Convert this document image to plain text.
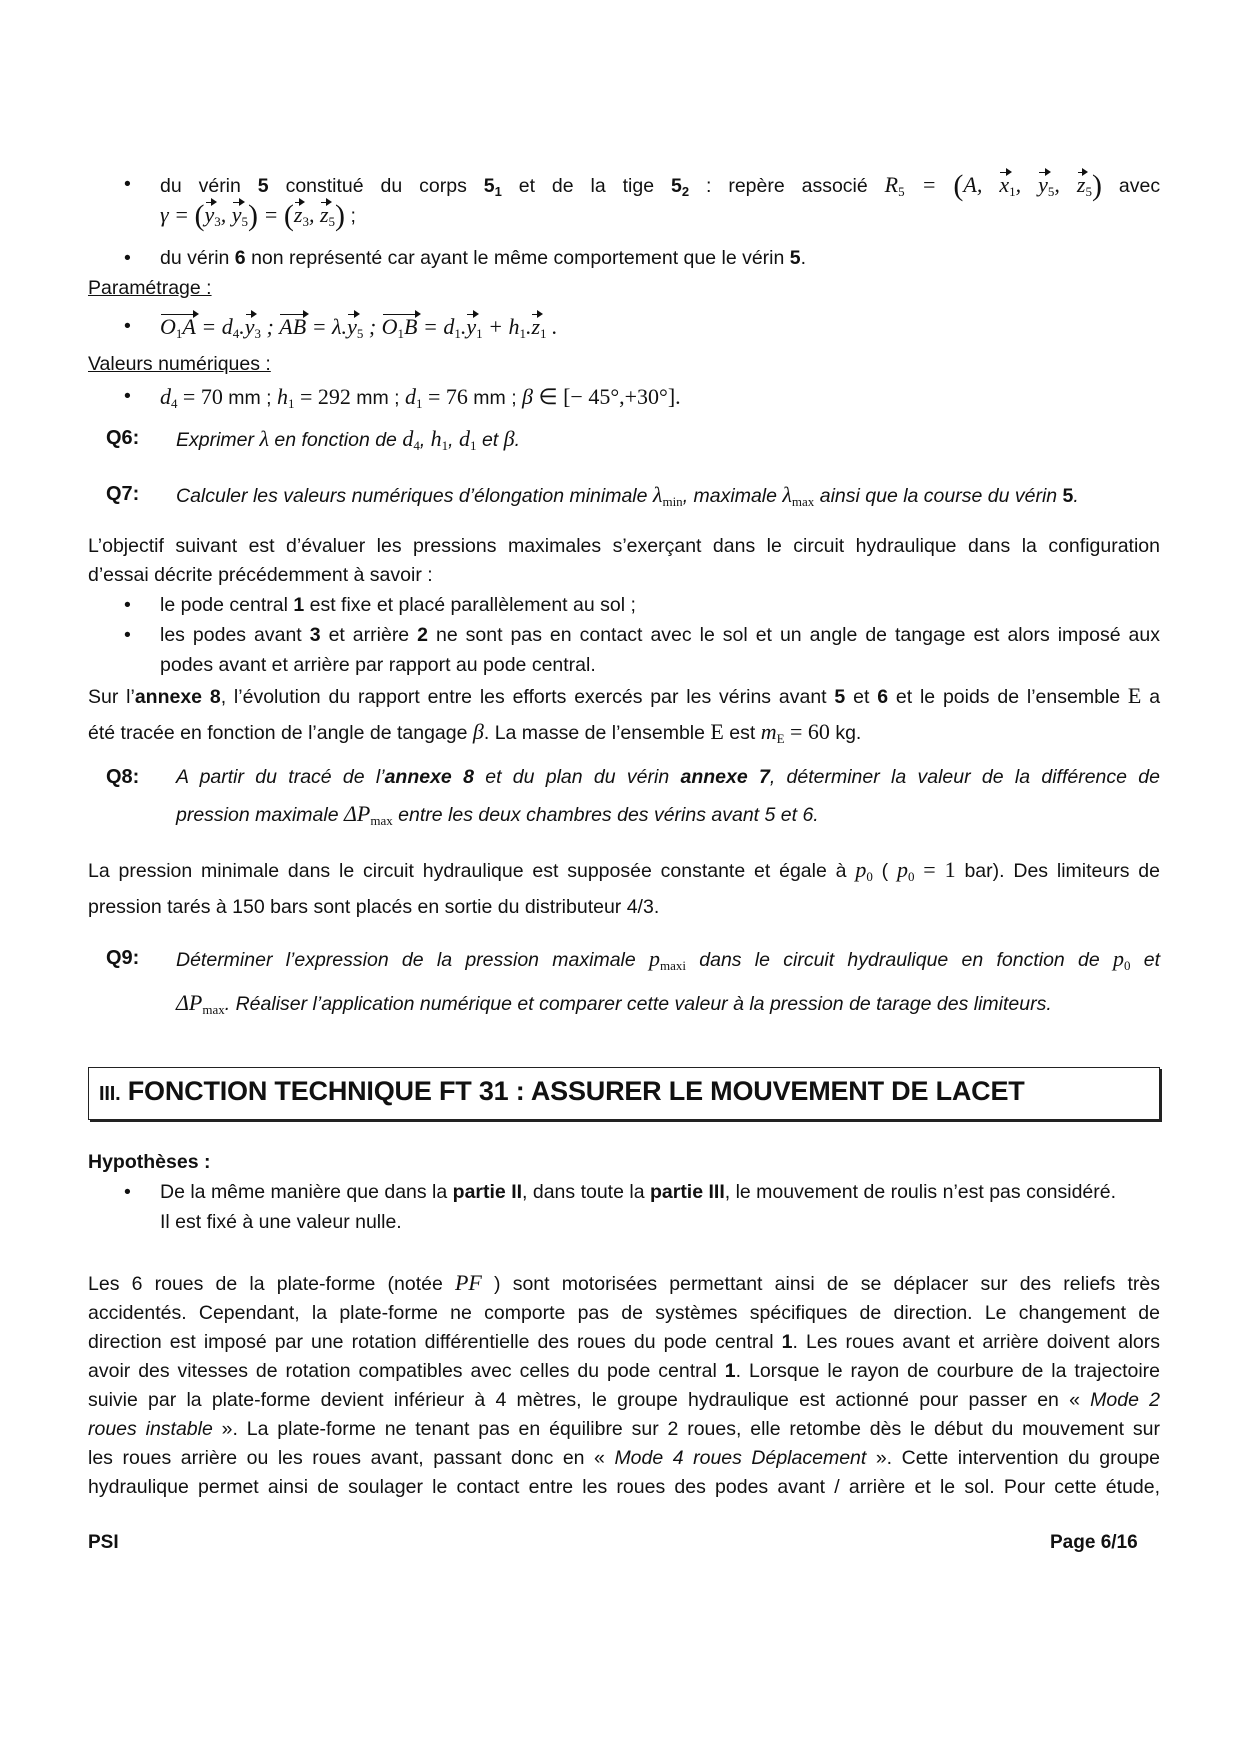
• du vérin 5 constitué du corps $5_1$ et de la tige $5_2$ : repère associé $R_5 = (A$, $x_1$, $y_5$, $z_5$) avec
$\gamma = (y_3$, $y_5) = (z_3$, $z_5$) ;
• du vérin 6 non représenté car ayant le même comportement que le vérin 5.
Paramétrage :
• $O_1A = d_4.y_3$ ; AB = $\lambda.y_5$ ; $O_1B = d_1.y_1 + h_1.z_1$ .
Valeurs numériques :
• $d_4 = 70$ mm ; $h_1 = 292$ mm ; $d_1 = 76$ mm ; β ∈ [− 45°,+30°].
Q6: Exprimer λ en fonction de $d_4$, $h_1$, $d_1$ et β.
Q7: Calculer les valeurs numériques d’élongation minimale $\lambda_{min}$, maximale $\lambda_{max}$ ainsi que la course du vérin 5.
L’objectif suivant est d’évaluer les pressions maximales s’exerçant dans le circuit hydraulique dans la configuration
d’essai décrite précédemment à savoir :
• le pode central 1 est fixe et placé parallèlement au sol ;
• les podes avant 3 et arrière 2 ne sont pas en contact avec le sol et un angle de tangage est alors imposé aux
podes avant et arrière par rapport au pode central.
Sur l’annexe 8, l’évolution du rapport entre les efforts exercés par les vérins avant 5 et 6 et le poids de l’ensemble E a
été tracée en fonction de l’angle de tangage β. La masse de l’ensemble E est $m_E = 60$ kg.
Q8: A partir du tracé de l’annexe 8 et du plan du vérin annexe 7, déterminer la valeur de la différence de
pression maximale $\Delta P_{max}$ entre les deux chambres des vérins avant 5 et 6.
La pression minimale dans le circuit hydraulique est supposée constante et égale à $p_0$ ( $p_0 = 1$ bar). Des limiteurs de
pression tarés à 150 bars sont placés en sortie du distributeur 4/3.
Q9: Déterminer l’expression de la pression maximale $p_{maxi}$ dans le circuit hydraulique en fonction de $p_0$ et
$\Delta P_{max}$. Réaliser l’application numérique et comparer cette valeur à la pression de tarage des limiteurs.
III. FONCTION TECHNIQUE FT 31 : ASSURER LE MOUVEMENT DE LACET
Hypothèses :
• De la même manière que dans la partie II, dans toute la partie III, le mouvement de roulis n’est pas considéré.
Il est fixé à une valeur nulle.
Les 6 roues de la plate-forme (notée PF ) sont motorisées permettant ainsi de se déplacer sur des reliefs très
accidentés. Cependant, la plate-forme ne comporte pas de systèmes spécifiques de direction. Le changement de
direction est imposé par une rotation différentielle des roues du pode central 1. Les roues avant et arrière doivent alors
avoir des vitesses de rotation compatibles avec celles du pode central 1. Lorsque le rayon de courbure de la trajectoire
suivie par la plate-forme devient inférieur à 4 mètres, le groupe hydraulique est actionné pour passer en « Mode 2
roues instable ». La plate-forme ne tenant pas en équilibre sur 2 roues, elle retombe dès le début du mouvement sur
les roues arrière ou les roues avant, passant donc en « Mode 4 roues Déplacement ». Cette intervention du groupe
hydraulique permet ainsi de soulager le contact entre les roues des podes avant / arrière et le sol. Pour cette étude,
PSI	Page 6/16
